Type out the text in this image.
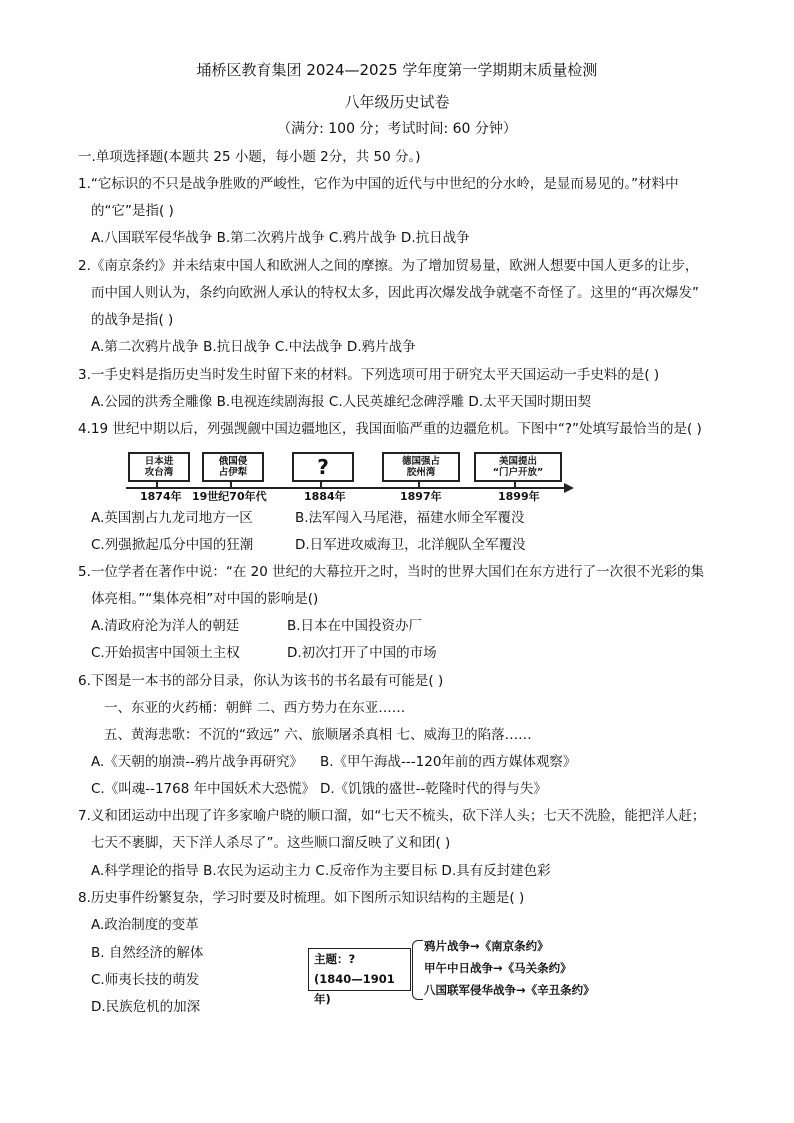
埇桥区教育集团 2024—2025 学年度第一学期期末质量检测
八年级历史试卷
（满分: 100 分；考试时间: 60 分钟）
一.单项选择题(本题共 25 小题，每小题 2分，共 50 分。)
1.“它标识的不只是战争胜败的严峻性，它作为中国的近代与中世纪的分水岭，是显而易见的。”材料中
的“它”是指( )
A.八国联军侵华战争 B.第二次鸦片战争 C.鸦片战争 D.抗日战争
2.《南京条约》并未结束中国人和欧洲人之间的摩擦。为了增加贸易量，欧洲人想要中国人更多的让步，
而中国人则认为，条约向欧洲人承认的特权太多，因此再次爆发战争就毫不奇怪了。这里的“再次爆发”
的战争是指( )
A.第二次鸦片战争 B.抗日战争 C.中法战争 D.鸦片战争
3.一手史料是指历史当时发生时留下来的材料。下列选项可用于研究太平天国运动一手史料的是( )
A.公园的洪秀全雕像 B.电视连续剧海报 C.人民英雄纪念碑浮雕 D.太平天国时期田契
4.19 世纪中期以后，列强觊觎中国边疆地区，我国面临严重的边疆危机。下图中“?”处填写最恰当的是( )
日本进
攻台湾
1874年
俄国侵
占伊犁
19世纪70年代
?
1884年
德国强占
胶州湾
1897年
美国提出
“门户开放”
1899年
A.英国割占九龙司地方一区	B.法军闯入马尾港，福建水师全军覆没
C.列强掀起瓜分中国的狂潮	D.日军进攻威海卫，北洋舰队全军覆没
5.一位学者在著作中说：“在 20 世纪的大幕拉开之时，当时的世界大国们在东方进行了一次很不光彩的集
体亮相。”“集体亮相”对中国的影响是()
A.清政府沦为洋人的朝廷	B.日本在中国投资办厂
C.开始损害中国领土主权	D.初次打开了中国的市场
6.下图是一本书的部分目录，你认为该书的书名最有可能是( )
一、东亚的火药桶：朝鲜 二、西方势力在东亚……
五、黄海悲歌：不沉的“致远” 六、旅顺屠杀真相 七、威海卫的陷落……
A.《天朝的崩溃--鸦片战争再研究》 B.《甲午海战---120年前的西方媒体观察》
C.《叫魂--1768 年中国妖术大恐慌》 D.《饥饿的盛世--乾隆时代的得与失》
7.义和团运动中出现了许多家喻户晓的顺口溜，如“七天不梳头，砍下洋人头；七天不洗脸，能把洋人赶；
七天不裹脚，天下洋人杀尽了”。这些顺口溜反映了义和团( )
A.科学理论的指导 B.农民为运动主力 C.反帝作为主要目标 D.具有反封建色彩
8.历史事件纷繁复杂，学习时要及时梳理。如下图所示知识结构的主题是( )
A.政治制度的变革
B. 自然经济的解体
C.师夷长技的萌发
D.民族危机的加深
主题：?
(1840—1901 年)
鸦片战争→《南京条约》
甲午中日战争→《马关条约》
八国联军侵华战争→《辛丑条约》
